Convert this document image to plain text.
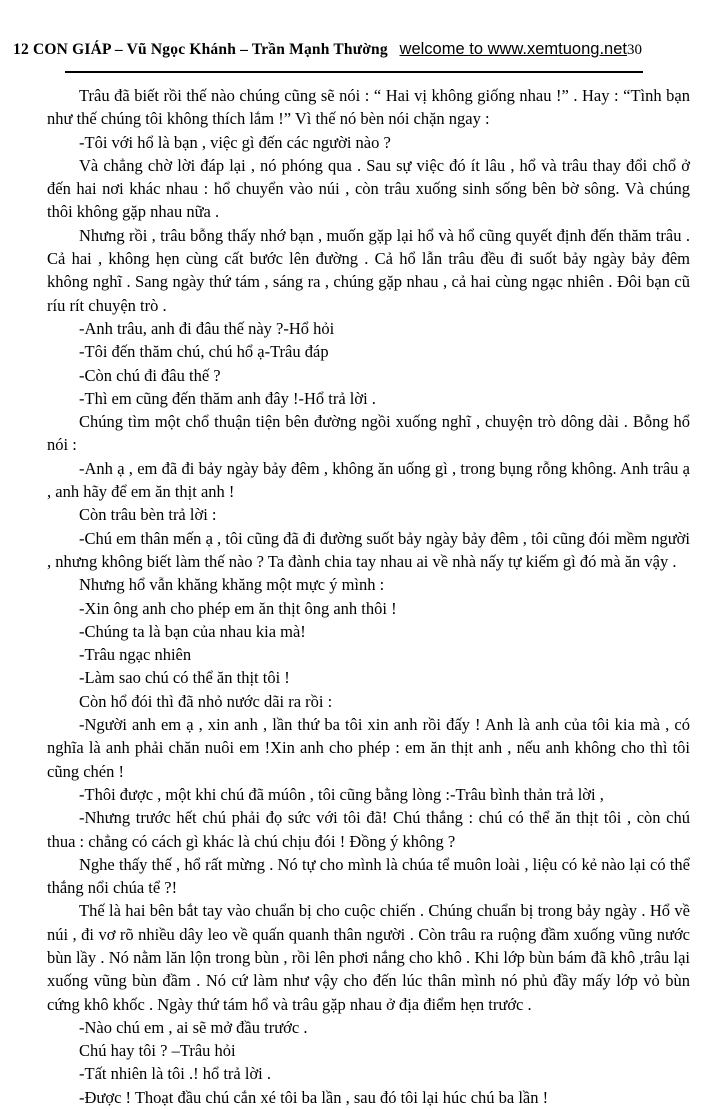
12 CON GIÁP – Vũ Ngọc Khánh – Trần Mạnh Thường welcome to www.xemtuong.net 30

Trâu đã biết rồi thế nào chúng cũng sẽ nói : “ Hai vị không giống nhau !” . Hay : “Tình bạn như thế chúng tôi không thích lắm !” Vì thế nó bèn nói chặn ngay :

-Tôi với hổ là bạn , việc gì đến các người nào ?

Và chẳng chờ lời đáp lại , nó phóng qua . Sau sự việc đó ít lâu , hổ và trâu thay đổi chổ ở đến hai nơi khác nhau : hổ chuyển vào núi , còn trâu xuống sinh sống bên bờ sông. Và chúng thôi không gặp nhau nữa .

Nhưng rồi , trâu bỗng thấy nhớ bạn , muốn gặp lại hổ và hổ cũng quyết định đến thăm trâu . Cả hai , không hẹn cùng cất bước lên đường . Cả hổ lẫn trâu đều đi suốt bảy ngày bảy đêm không nghĩ . Sang ngày thứ tám , sáng ra , chúng gặp nhau , cả hai cùng ngạc nhiên . Đôi bạn cũ ríu rít chuyện trò .

-Anh trâu, anh đi đâu thế này ?-Hổ hỏi

-Tôi đến thăm chú, chú hổ ạ-Trâu đáp

-Còn chú đi đâu thế ?

-Thì em cũng đến thăm anh đây !-Hổ trả lời .

Chúng tìm một chổ thuận tiện bên đường ngồi xuống nghĩ , chuyện trò dông dài . Bỗng hổ nói :

-Anh ạ , em đã đi bảy ngày bảy đêm , không ăn uống gì , trong bụng rỗng không. Anh trâu ạ , anh hãy để em ăn thịt anh !

Còn trâu bèn trả lời :

-Chú em thân mến ạ , tôi cũng đã đi đường suốt bảy ngày bảy đêm , tôi cũng đói mềm người , nhưng không biết làm thế nào ? Ta đành chia tay nhau ai về nhà nấy tự kiếm gì đó mà ăn vậy .

Nhưng hổ vẫn khăng khăng một mực ý mình :

-Xin ông anh cho phép em ăn thịt ông anh thôi !

-Chúng ta là bạn của nhau kia mà!

-Trâu ngạc nhiên

-Làm sao chú có thể ăn thịt tôi !

Còn hổ đói thì đã nhỏ nước dãi ra rồi :

-Người anh em ạ , xin anh , lần thứ ba tôi xin anh rồi đấy ! Anh là anh của tôi kia mà , có nghĩa là anh phải chăn nuôi em !Xin anh cho phép : em ăn thịt anh , nếu anh không cho thì tôi cũng chén !

-Thôi được , một khi chú đã múôn , tôi cũng bằng lòng :-Trâu bình thản trả lời ,

-Nhưng trước hết chú phải đọ sức với tôi đã! Chú thắng : chú có thể ăn thịt tôi , còn chú thua : chẳng có cách gì khác là chú chịu đói ! Đồng ý không ?

Nghe thấy thế , hổ rất mừng . Nó tự cho mình là chúa tể muôn loài , liệu có kẻ nào lại có thể thắng nổi chúa tể ?!

Thế là hai bên bắt tay vào chuẩn bị cho cuộc chiến . Chúng chuẩn bị trong bảy ngày . Hổ về núi , đi vơ rõ nhiều dây leo về quấn quanh thân người . Còn trâu ra ruộng đầm xuống vũng nước bùn lầy . Nó nằm lăn lộn trong bùn , rồi lên phơi nắng cho khô . Khi lớp bùn bám đã khô ,trâu lại xuống vũng bùn đầm . Nó cứ làm như vậy cho đến lúc thân mình nó phủ đầy mấy lớp vỏ bùn cứng khô khốc . Ngày thứ tám hổ và trâu gặp nhau ở địa điểm hẹn trước .

-Nào chú em , ai sẽ mở đầu trước .

Chú hay tôi ? –Trâu hỏi

-Tất nhiên là tôi .! hổ trả lời .

-Được ! Thoạt đầu chú cắn xé tôi ba lần , sau đó tôi lại húc chú ba lần !
